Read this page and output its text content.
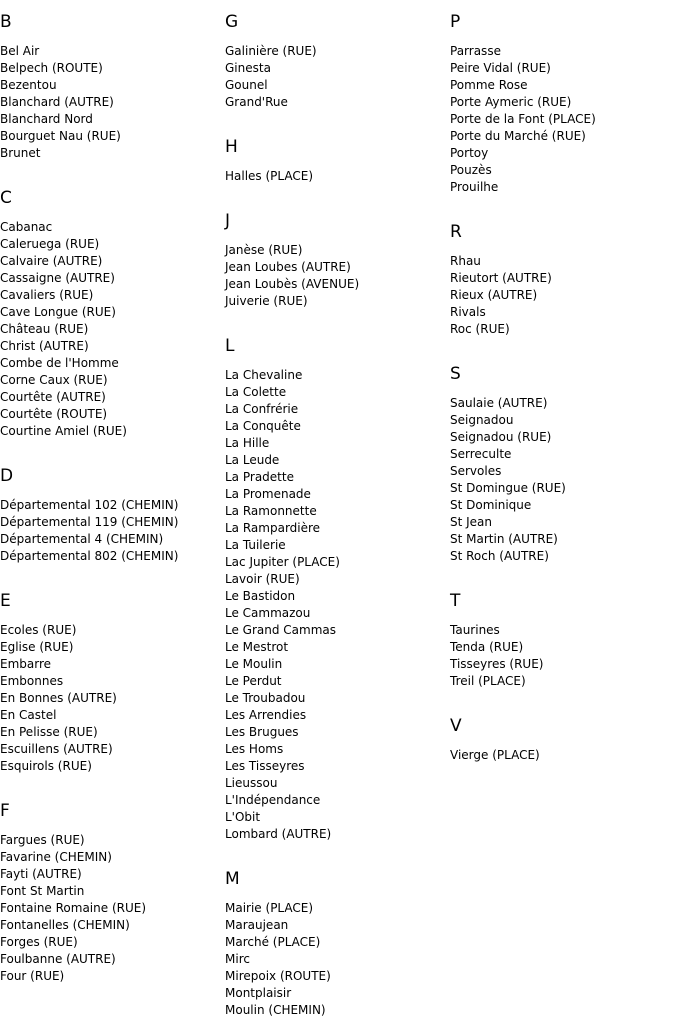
B
Bel Air
Belpech (ROUTE)
Bezentou
Blanchard (AUTRE)
Blanchard Nord
Bourguet Nau (RUE)
Brunet
C
Cabanac
Caleruega (RUE)
Calvaire (AUTRE)
Cassaigne (AUTRE)
Cavaliers (RUE)
Cave Longue (RUE)
Château (RUE)
Christ (AUTRE)
Combe de l'Homme
Corne Caux (RUE)
Courtête (AUTRE)
Courtête (ROUTE)
Courtine Amiel (RUE)
D
Départemental 102 (CHEMIN)
Départemental 119 (CHEMIN)
Départemental 4 (CHEMIN)
Départemental 802 (CHEMIN)
E
Ecoles (RUE)
Eglise (RUE)
Embarre
Embonnes
En Bonnes (AUTRE)
En Castel
En Pelisse (RUE)
Escuillens (AUTRE)
Esquirols (RUE)
F
Fargues (RUE)
Favarine (CHEMIN)
Fayti (AUTRE)
Font St Martin
Fontaine Romaine (RUE)
Fontanelles (CHEMIN)
Forges (RUE)
Foulbanne (AUTRE)
Four (RUE)
G
Galinière (RUE)
Ginesta
Gounel
Grand'Rue
H
Halles (PLACE)
J
Janèse (RUE)
Jean Loubes (AUTRE)
Jean Loubès (AVENUE)
Juiverie (RUE)
L
La Chevaline
La Colette
La Confrérie
La Conquête
La Hille
La Leude
La Pradette
La Promenade
La Ramonnette
La Rampardière
La Tuilerie
Lac Jupiter (PLACE)
Lavoir (RUE)
Le Bastidon
Le Cammazou
Le Grand Cammas
Le Mestrot
Le Moulin
Le Perdut
Le Troubadou
Les Arrendies
Les Brugues
Les Homs
Les Tisseyres
Lieussou
L'Indépendance
L'Obit
Lombard (AUTRE)
M
Mairie (PLACE)
Maraujean
Marché (PLACE)
Mirc
Mirepoix (ROUTE)
Montplaisir
Moulin (CHEMIN)
P
Parrasse
Peire Vidal (RUE)
Pomme Rose
Porte Aymeric (RUE)
Porte de la Font (PLACE)
Porte du Marché (RUE)
Portoy
Pouzès
Prouilhe
R
Rhau
Rieutort (AUTRE)
Rieux (AUTRE)
Rivals
Roc (RUE)
S
Saulaie (AUTRE)
Seignadou
Seignadou (RUE)
Serreculte
Servoles
St Domingue (RUE)
St Dominique
St Jean
St Martin (AUTRE)
St Roch (AUTRE)
T
Taurines
Tenda (RUE)
Tisseyres (RUE)
Treil (PLACE)
V
Vierge (PLACE)
